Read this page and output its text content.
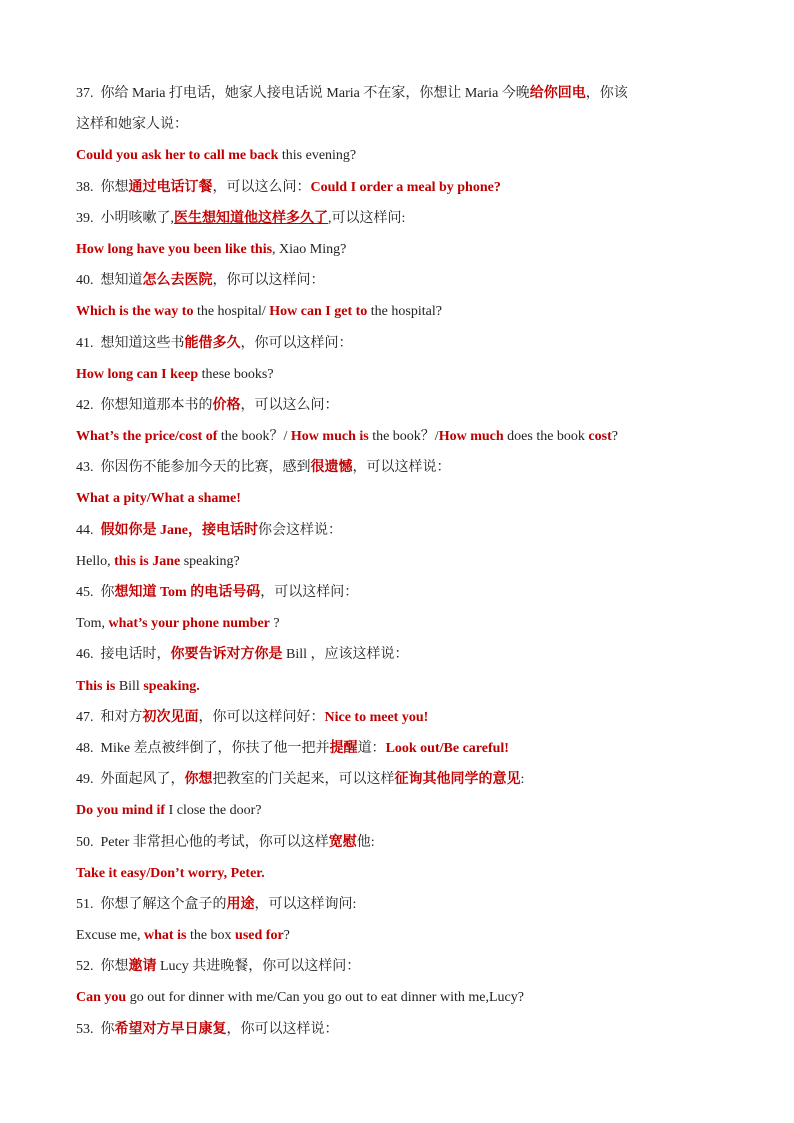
37.  你给 Maria 打电话，她家人接电话说 Maria 不在家，你想让 Maria 今晚给你回电，你该
这样和她家人说：
Could you ask her to call me back this evening?
38.  你想通过电话订餐，可以这么问：Could I order a meal by phone?
39.  小明咳嗽了,医生想知道他这样多久了,可以这样问:
How long have you been like this, Xiao Ming?
40.  想知道怎么去医院，你可以这样问：
Which is the way to the hospital/ How can I get to the hospital?
41.  想知道这些书能借多久，你可以这样问：
How long can I keep these books?
42.  你想知道那本书的价格，可以这么问：
What’s the price/cost of the book？/ How much is the book？/How much does the book cost?
43.  你因伤不能参加今天的比赛，感到很遗憾，可以这样说：
What a pity/What a shame!
44.  假如你是 Jane，接电话时你会这样说：
Hello, this is Jane speaking?
45.  你想知道 Tom 的电话号码，可以这样问：
Tom, what’s your phone number ?
46.  接电话时，你要告诉对方你是 Bill ，应该这样说：
This is Bill speaking.
47.  和对方初次见面，你可以这样问好：Nice to meet you!
48.  Mike 差点被绊倒了，你扶了他一把并提醒道：Look out/Be careful!
49.  外面起风了，你想把教室的门关起来，可以这样征询其他同学的意见:
Do you mind if I close the door?
50.  Peter 非常担心他的考试，你可以这样宽慰他:
Take it easy/Don’t worry, Peter.
51.  你想了解这个盒子的用途，可以这样询问:
Excuse me, what is the box used for?
52.  你想邀请 Lucy 共进晚餐，你可以这样问：
Can you go out for dinner with me/Can you go out to eat dinner with me,Lucy?
53.  你希望对方早日康复，你可以这样说：
